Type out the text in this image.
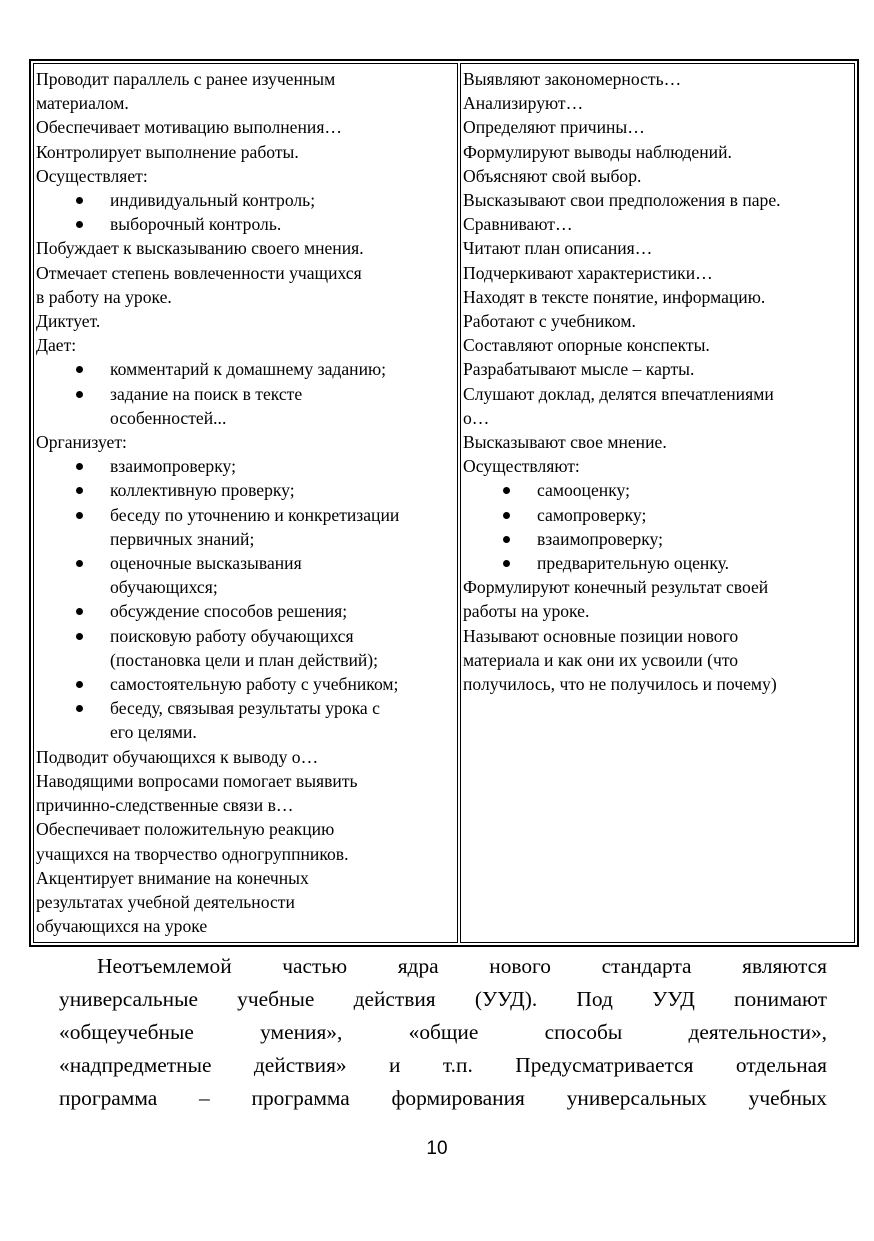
Проводит параллель с ранее изученным
материалом.
Обеспечивает мотивацию выполнения…
Контролирует выполнение работы.
Осуществляет:
индивидуальный контроль;
выборочный контроль.
Побуждает к высказыванию своего мнения.
Отмечает степень вовлеченности учащихся
в работу на уроке.
Диктует.
Дает:
комментарий к домашнему заданию;
задание на поиск в тексте
особенностей...
Организует:
взаимопроверку;
коллективную проверку;
беседу по уточнению и конкретизации
первичных знаний;
оценочные высказывания
обучающихся;
обсуждение способов решения;
поисковую работу обучающихся
(постановка цели и план действий);
самостоятельную работу с учебником;
беседу, связывая результаты урока с
его целями.
Подводит обучающихся к выводу о…
Наводящими вопросами помогает выявить
причинно-следственные связи в…
Обеспечивает положительную реакцию
учащихся на творчество одногруппников.
Акцентирует внимание на конечных
результатах учебной деятельности
обучающихся на уроке
Выявляют закономерность…
Анализируют…
Определяют причины…
Формулируют выводы наблюдений.
Объясняют свой выбор.
Высказывают свои предположения в паре.
Сравнивают…
Читают план описания…
Подчеркивают характеристики…
Находят в тексте понятие, информацию.
Работают с учебником.
Составляют опорные конспекты.
Разрабатывают мысле – карты.
Слушают доклад, делятся впечатлениями
о…
Высказывают свое мнение.
Осуществляют:
самооценку;
самопроверку;
взаимопроверку;
предварительную оценку.
Формулируют конечный результат своей
работы на уроке.
Называют основные позиции нового
материала и как они их усвоили (что
получилось, что не получилось и почему)
Неотъемлемой частью ядра нового стандарта являются
универсальные учебные действия (УУД). Под УУД понимают
«общеучебные умения», «общие способы деятельности»,
«надпредметные действия» и т.п. Предусматривается отдельная
программа – программа формирования универсальных учебных
10
